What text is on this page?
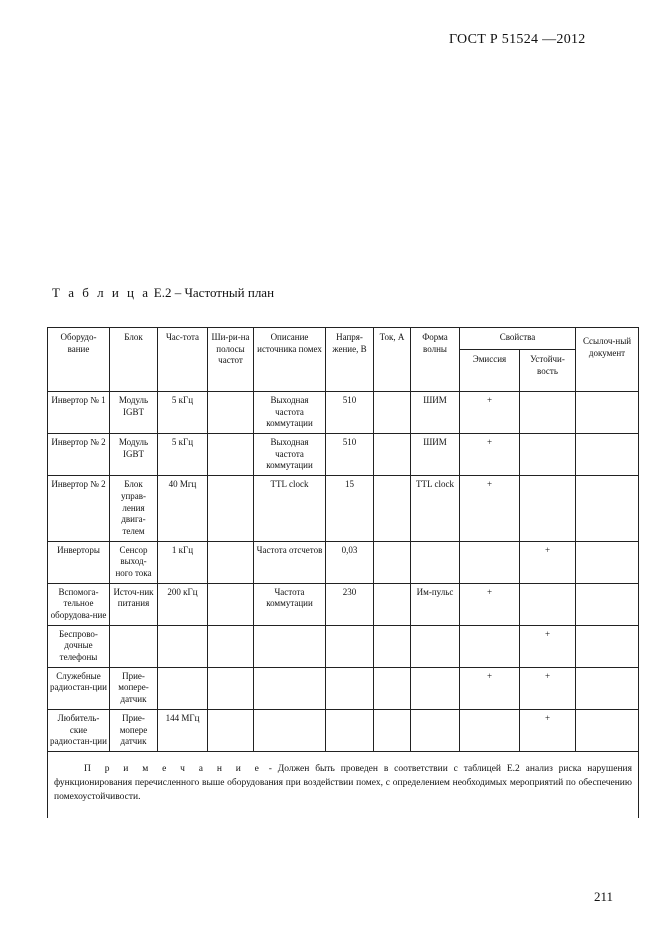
ГОСТ Р 51524 —2012
Т а б л и ц а Е.2 – Частотный план
Оборудо-вание	Блок	Час-тота	Ши-ри-на полосы частот	Описание источника помех	Напря-жение, В	Ток, А	Форма волны	Свойства		Ссылоч-ный документ
								Эмиссия	Устойчи-вость	
Инвертор № 1	Модуль IGBT	5 кГц		Выходная частота коммутации	510		ШИМ	+		
Инвертор № 2	Модуль IGBT	5 кГц		Выходная частота коммутации	510		ШИМ	+		
Инвертор № 2	Блок управ-ления двига-телем	40 Мгц		TTL clock	15		TTL clock	+		
Инверторы	Сенсор выход-ного тока	1 кГц		Частота отсчетов	0,03				+	
Вспомога-тельное оборудова-ние	Источ-ник питания	200 кГц		Частота коммутации	230		Им-пульс	+		
Беспрово-дочные телефоны									+	
Служебные радиостан-ции	Прие-мопере-датчик							+	+	
Любитель-ские радиостан-ции	Прие-мопере датчик	144 МГц							+	
П р и м е ч а н и е - Должен быть проведен в соответствии с таблицей Е.2 анализ риска нарушения функционирования перечисленного выше оборудования при воздействии помех, с определением необходимых мероприятий по обеспечению помехоустойчивости.										
211
